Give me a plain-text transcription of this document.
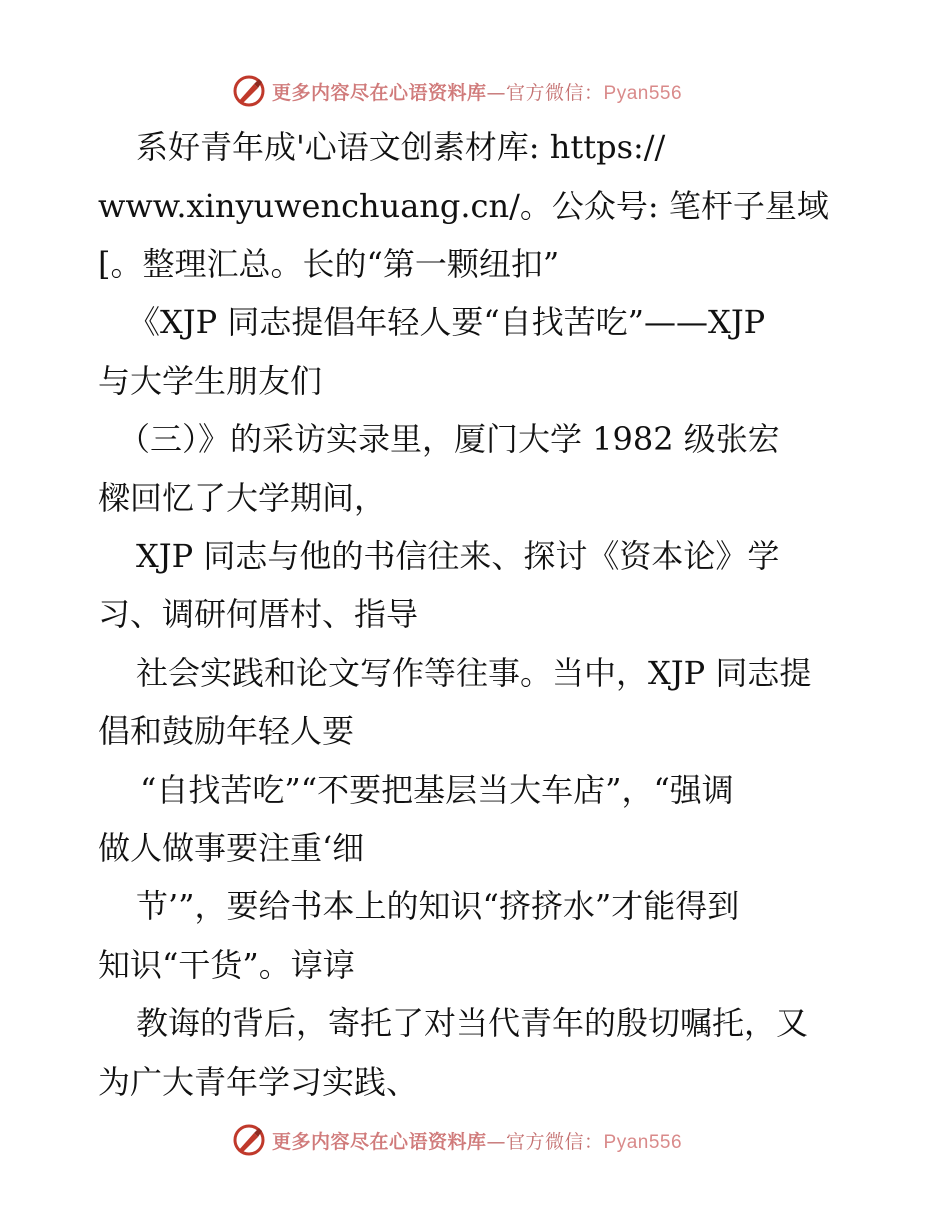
更多内容尽在心语资料库—官方微信：Pyan556
系好青年成'心语文创素材库: https://
www.xinyuwenchuang.cn/。公众号: 笔杆子星域
[。整理汇总。长的“第一颗纽扣”
《XJP 同志提倡年轻人要“自找苦吃”——XJP
与大学生朋友们
（三）》的采访实录里，厦门大学 1982 级张宏
樑回忆了大学期间，
XJP 同志与他的书信往来、探讨《资本论》学
习、调研何厝村、指导
社会实践和论文写作等往事。当中，XJP 同志提
倡和鼓励年轻人要
“自找苦吃”“不要把基层当大车店”，“强调
做人做事要注重‘细
节’”，要给书本上的知识“挤挤水”才能得到
知识“干货”。谆谆
教诲的背后，寄托了对当代青年的殷切嘱托，又
为广大青年学习实践、
更多内容尽在心语资料库—官方微信：Pyan556
